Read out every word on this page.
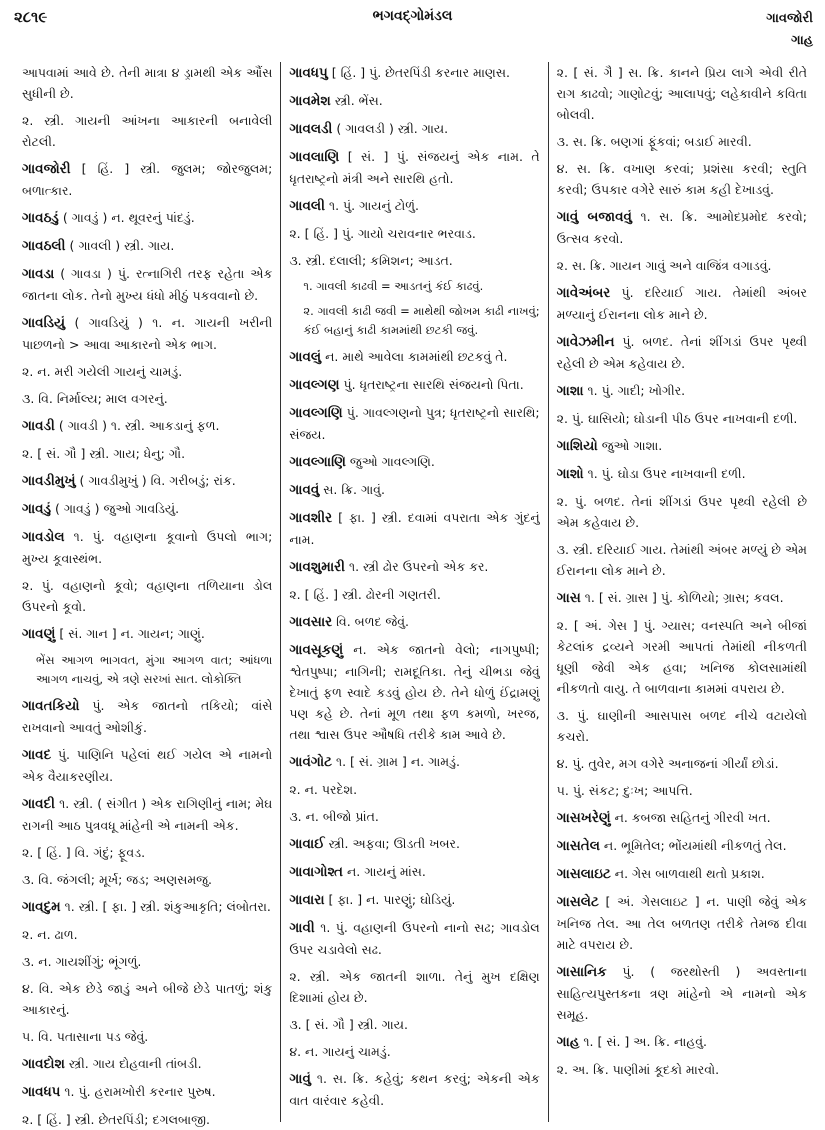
૨૮૧૯	ભગવદ્ગોમંડલ	ગાવજોરી
ગાહ

આપવામાં આવે છે. તેની માત્રા ૪ ડ્રામથી એક ઔંસ સુધીની છે.

૨. સ્ત્રી. ગાયની આંખના આકારની બનાવેલી રોટલી.

ગાવજોરી [ હિં. ] સ્ત્રી. જુલમ; જોરજુલમ; બળાત્કાર.

ગાવઠડું ( ગાવડું ) ન. થૂવરનું પાંદડું.

ગાવઠલી ( ગાવલી ) સ્ત્રી. ગાય.

ગાવડા ( ગાવડા ) પું. રત્નાગિરી તરફ રહેતા એક જાતના લોક. તેનો મુખ્ય ધંધો મીઠું પકવવાનો છે.

ગાવડિયું ( ગાવડિયું ) ૧. ન. ગાયની ખરીની પાછળનો > આવા આકારનો એક ભાગ.

૨. ન. મરી ગયેલી ગાયનું ચામડું.

૩. વિ. નિર્માલ્ય; માલ વગરનું.

ગાવડી ( ગાવડી ) ૧. સ્ત્રી. આકડાનું ફળ.

૨. [ સં. ગૌ ] સ્ત્રી. ગાય; ધેનુ; ગૌ.

ગાવડીમુખું ( ગાવડીમુખું ) વિ. ગરીબડું; રાંક.

ગાવડું ( ગાવડું ) જુઓ ગાવડિયું.

ગાવડોલ ૧. પું. વહાણના કૂવાનો ઉપલો ભાગ; મુખ્ય કૂવાસ્થંભ.

૨. પું. વહાણનો કૂવો; વહાણના તળિયાના ડોલ ઉપરનો કૂવો.

ગાવણું [ સં. ગાન ] ન. ગાયન; ગાણું.

ભેંસ આગળ ભાગવત, મુંગા આગળ વાત; આંધળા આગળ નાચવું, એ ત્રણે સરખાં સાત. લોકોક્તિ

ગાવતકિયો પું. એક જાતનો તકિયો; વાંસે રાખવાનો આવતું ઓશીકું.

ગાવદ પું. પાણિનિ પહેલાં થઈ ગયેલ એ નામનો એક વૈયાકરણીય.

ગાવદી ૧. સ્ત્રી. ( સંગીત ) એક રાગિણીનું નામ; મેઘ રાગની આઠ પુત્રવધૂ માંહેની એ નામની એક.

૨. [ હિં. ] વિ. ગંદું; ફૂવડ.

૩. વિ. જંગલી; મૂર્ખ; જડ; અણસમજુ.

ગાવદુમ ૧. સ્ત્રી. [ ફા. ] સ્ત્રી. શંકુઆકૃતિ; લંબોતરા.

૨. ન. ઢાળ.

૩. ન. ગાયશીંગું; ભૂંગળું.

૪. વિ. એક છેડે જાડું અને બીજે છેડે પાતળું; શંકુ આકારનું.

૫. વિ. પતાસાના પડ જેવું.

ગાવદોશ સ્ત્રી. ગાય દોહવાની તાંબડી.

ગાવધપ ૧. પું. હરામખોરી કરનાર પુરુષ.

૨. [ હિં. ] સ્ત્રી. છેતરપિંડી; દગલબાજી.

ગાવધપુ [ હિં. ] પું. છેતરપિંડી કરનાર માણસ.

ગાવમેશ સ્ત્રી. ભેંસ.

ગાવલડી ( ગાવલડી ) સ્ત્રી. ગાય.

ગાવલાણિ [ સં. ] પું. સંજયનું એક નામ. તે ધૃતરાષ્ટ્રનો મંત્રી અને સારથિ હતો.

ગાવલી ૧. પું. ગાયનું ટોળું.

૨. [ હિં. ] પું. ગાયો ચરાવનાર ભરવાડ.

૩. સ્ત્રી. દલાલી; કમિશન; આડત.

૧. ગાવલી કાઢવી = આડતનું કંઈ કાઢવું.

૨. ગાવલી કાઢી જવી = માથેથી જોખમ કાઢી નાખવું; કંઈ બહાનું કાઢી કામમાંથી છટકી જવું.

ગાવલું ન. માથે આવેલા કામમાંથી છટકવું તે.

ગાવલ્ગણ પું. ધૃતરાષ્ટ્રના સારથિ સંજયનો પિતા.

ગાવલ્ગણિ પું. ગાવલ્ગણનો પુત્ર; ધૃતરાષ્ટ્રનો સારથિ; સંજય.

ગાવલ્ગાણિ જુઓ ગાવલ્ગણિ.

ગાવવું સ. ક્રિ. ગાવું.

ગાવશીર [ ફા. ] સ્ત્રી. દવામાં વપરાતા એક ગુંદનું નામ.

ગાવશુમારી ૧. સ્ત્રી ઢોર ઉપરનો એક કર.

૨. [ હિં. ] સ્ત્રી. ઢોરની ગણતરી.

ગાવસાર વિ. બળદ જેવું.

ગાવસૂકણું ન. એક જાતનો વેલો; નાગપુષ્પી; શ્વેતપુષ્પા; નાગિની; રામદૂતિકા. તેનું ચીભડા જેવું દેખાતું ફળ સ્વાદે કડવું હોય છે. તેને ધોળું ઈંદ્રામણું પણ કહે છે. તેનાં મૂળ તથા ફળ કમળો, ખરજ, તથા શ્વાસ ઉપર ઔષધિ તરીકે કામ આવે છે.

ગાવંગોટ ૧. [ સં. ગ્રામ ] ન. ગામડું.

૨. ન. પરદેશ.

૩. ન. બીજો પ્રાંત.

ગાવાઈ સ્ત્રી. અફવા; ઊડતી ખબર.

ગાવાગોશ્ત ન. ગાયનું માંસ.

ગાવારા [ ફા. ] ન. પારણું; ઘોડિયું.

ગાવી ૧. પું. વહાણની ઉપરનો નાનો સઢ; ગાવડોલ ઉપર ચડાવેલો સઢ.

૨. સ્ત્રી. એક જાતની શાળા. તેનું મુખ દક્ષિણ દિશામાં હોય છે.

૩. [ સં. ગૌ ] સ્ત્રી. ગાય.

૪. ન. ગાયનું ચામડું.

ગાવું ૧. સ. ક્રિ. કહેવું; કથન કરવું; એકની એક વાત વારંવાર કહેવી.

૨. [ સં. ગૈ ] સ. ક્રિ. કાનને પ્રિય લાગે એવી રીતે રાગ કાઢવો; ગાણોટવું; આલાપવું; લહેકાવીને કવિતા બોલવી.

૩. સ. ક્રિ. બણગાં ફૂંકવાં; બડાઈ મારવી.

૪. સ. ક્રિ. વખાણ કરવાં; પ્રશંસા કરવી; સ્તુતિ કરવી; ઉપકાર વગેરે સારું કામ કહી દેખાડવું.

ગાવું બજાવવું ૧. સ. ક્રિ. આમોદપ્રમોદ કરવો; ઉત્સવ કરવો.

૨. સ. ક્રિ. ગાયન ગાવું અને વાજિંત્ર વગાડવું.

ગાવેઅંબર પું. દરિયાઈ ગાય. તેમાંથી અંબર મળ્યાનું ઈરાનના લોક માને છે.

ગાવેઝમીન પું. બળદ. તેનાં શીંગડાં ઉપર પૃથ્વી રહેલી છે એમ કહેવાય છે.

ગાશા ૧. પું. ગાદી; ખોગીર.

૨. પું. ઘાસિયો; ઘોડાની પીઠ ઉપર નાખવાની દળી.

ગાશિયો જુઓ ગાશા.

ગાશો ૧. પું. ઘોડા ઉપર નાખવાની દળી.

૨. પું. બળદ. તેનાં શીંગડાં ઉપર પૃથ્વી રહેલી છે એમ કહેવાય છે.

૩. સ્ત્રી. દરિયાઈ ગાય. તેમાંથી અંબર મળ્યું છે એમ ઈરાનના લોક માને છે.

ગાસ ૧. [ સં. ગ્રાસ ] પું. કોળિયો; ગ્રાસ; કવલ.

૨. [ અં. ગેસ ] પું. ગ્યાસ; વનસ્પતિ અને બીજાં કેટલાંક દ્રવ્યને ગરમી આપતાં તેમાંથી નીકળતી ધૂણી જેવી એક હવા; ખનિજ કોલસામાંથી નીકળતો વાયુ. તે બાળવાના કામમાં વપરાય છે.

૩. પું. ઘાણીની આસપાસ બળદ નીચે વટાયેલો કચરો.

૪. પું. તુવેર, મગ વગેરે અનાજનાં ગીર્યાં છોડાં.

૫. પું. સંકટ; દુઃખ; આપત્તિ.

ગાસખરેણું ન. કબજા સહિતનું ગીરવી ખત.

ગાસતેલ ન. ભૂમિતેલ; ભોંયમાંથી નીકળતું તેલ.

ગાસલાઇટ ન. ગેસ બાળવાથી થતો પ્રકાશ.

ગાસલેટ [ અં. ગેસલાઇટ ] ન. પાણી જેવું એક ખનિજ તેલ. આ તેલ બળતણ તરીકે તેમજ દીવા માટે વપરાય છે.

ગાસાનિક પું. ( જરથોસ્તી ) અવસ્તાના સાહિત્યપુસ્તકના ત્રણ માંહેનો એ નામનો એક સમૂહ.

ગાહ ૧. [ સં. ] અ. ક્રિ. નાહવું.

૨. અ. ક્રિ. પાણીમાં કૂદકો મારવો.
